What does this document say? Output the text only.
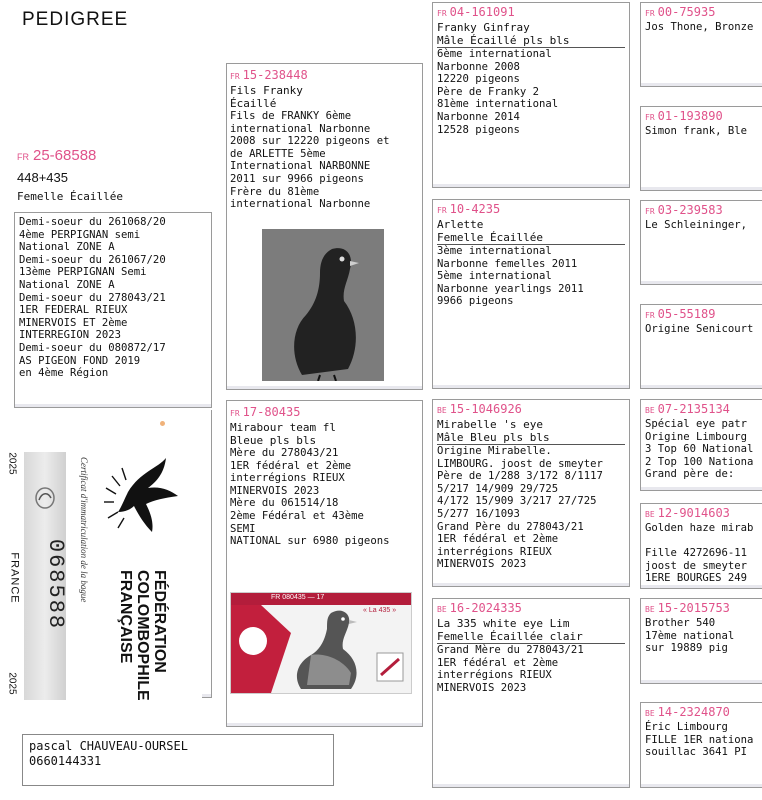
PEDIGREE
FR 25-68588
448+435
Femelle Écaillée
Demi-soeur du 261068/20
4ème PERPIGNAN semi
National ZONE A
Demi-soeur du 261067/20
13ème PERPIGNAN Semi
National ZONE A
Demi-soeur du 278043/21
1ER FEDERAL RIEUX
MINERVOIS ET 2ème
INTERREGION 2023
Demi-soeur du 080872/17
AS PIGEON FOND 2019
en 4ème Région
2025
FRANCE
2025
068588 Certificat d'immatriculation de la bague
FÉDÉRATION
COLOMBOPHILE
FRANÇAISE
pascal CHAUVEAU-OURSEL
0660144331
FR 15-238448
Fils Franky
Écaillé
Fils de FRANKY 6ème
international Narbonne
2008 sur 12220 pigeons et
de ARLETTE 5ème
International NARBONNE
2011 sur 9966 pigeons
Frère du 81ème
international Narbonne
FR 17-80435
Mirabour team fl
Bleue pls bls
Mère du 278043/21
1ER fédéral et 2ème
interrégions RIEUX
MINERVOIS 2023
Mère du 061514/18
2ème Fédéral et 43ème
SEMI
NATIONAL sur 6980 pigeons
FR 080435 — 17
« La 435 »
FR 04-161091
Franky Ginfray
Mâle Écaillé pls bls
6ème international
Narbonne 2008
12220 pigeons
Père de Franky 2
81ème international
Narbonne 2014
12528 pigeons
FR 10-4235
Arlette
Femelle Écaillée
3ème international
Narbonne femelles 2011
5ème international
Narbonne yearlings 2011
9966 pigeons
BE 15-1046926
Mirabelle 's eye
Mâle Bleu pls bls
Origine Mirabelle.
LIMBOURG. joost de smeyter
Père de 1/288 3/172 8/1117
5/217 14/909 29/725
4/172 15/909 3/217 27/725
5/277 16/1093
Grand Père du 278043/21
1ER fédéral et 2ème
interrégions RIEUX
MINERVOIS 2023
BE 16-2024335
La 335 white eye Lim
Femelle Écaillée clair
Grand Mère du 278043/21
1ER fédéral et 2ème
interrégions RIEUX
MINERVOIS 2023
FR 00-75935
Jos Thone, Bronze
FR 01-193890
Simon frank, Ble
FR 03-239583
Le Schleininger,
FR 05-55189
Origine Senicourt
BE 07-2135134
Spécial eye patr
Origine Limbourg
3 Top 60 National
2 Top 100 Nationa
Grand père de:
BE 12-9014603
Golden haze mirab

Fille 4272696-11
joost de smeyter
1ERE BOURGES 249
BE 15-2015753
Brother 540
17ème national
sur 19889 pig
BE 14-2324870
Éric Limbourg
FILLE 1ER nationa
souillac 3641 PI
